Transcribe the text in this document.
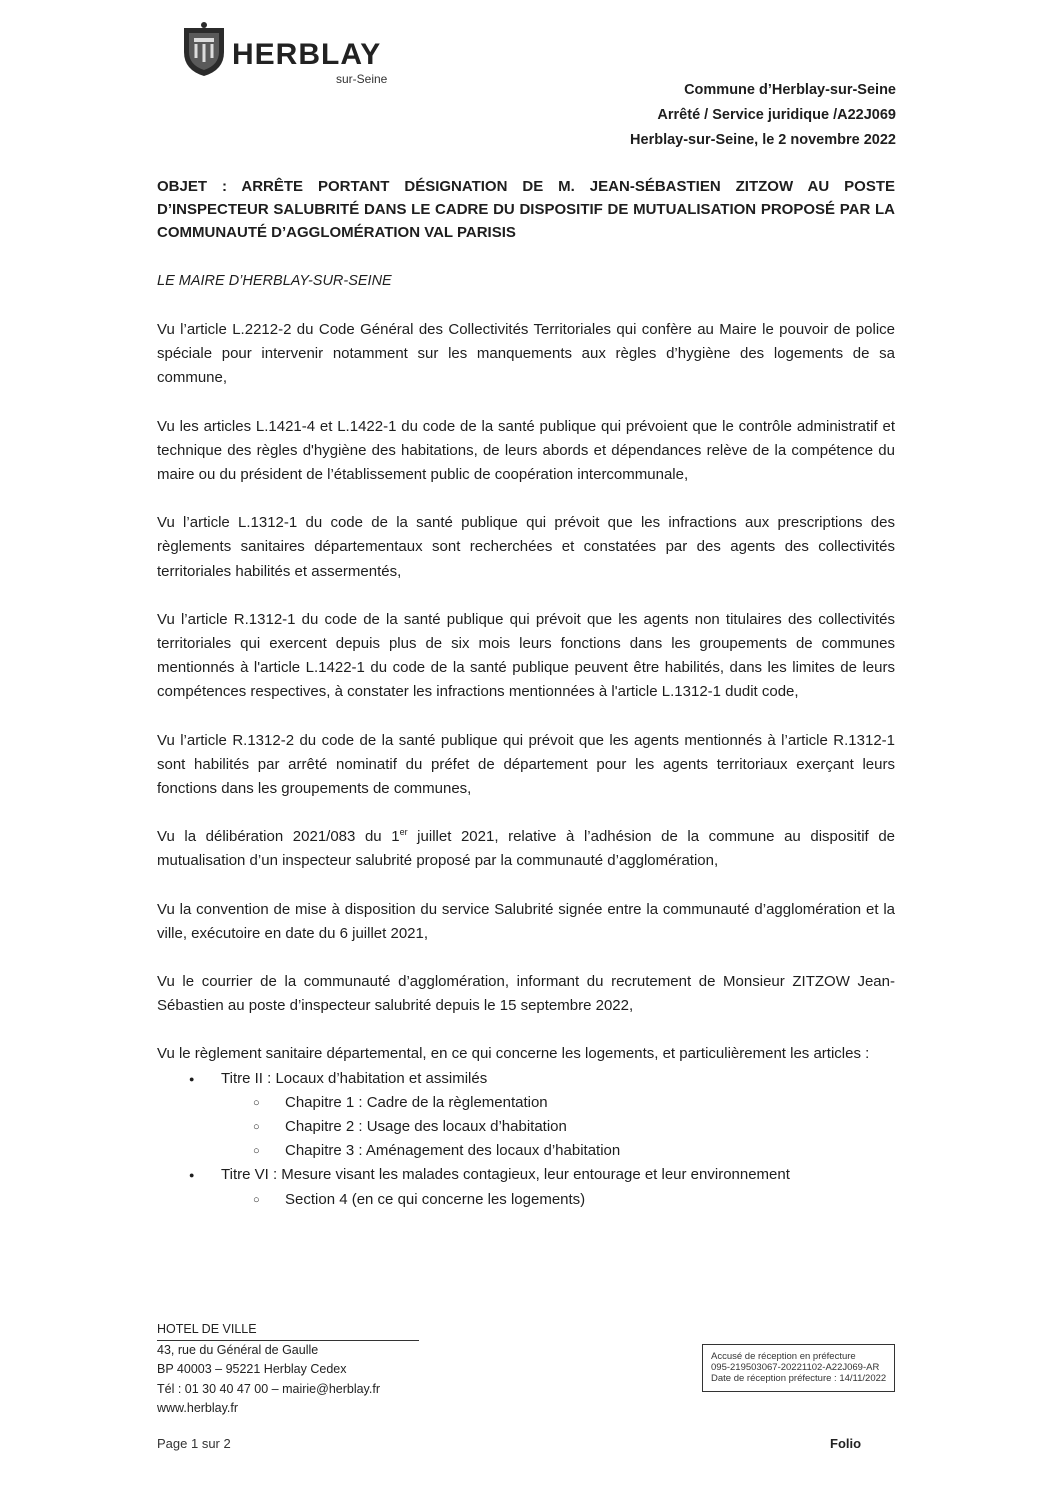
HERBLAY
sur-Seine
Commune d’Herblay-sur-Seine
Arrêté / Service juridique /A22J069
Herblay-sur-Seine, le 2 novembre 2022
OBJET : ARRÊTE PORTANT DÉSIGNATION DE M. JEAN-SÉBASTIEN ZITZOW AU POSTE D’INSPECTEUR SALUBRITÉ DANS LE CADRE DU DISPOSITIF DE MUTUALISATION PROPOSÉ PAR LA COMMUNAUTÉ D’AGGLOMÉRATION VAL PARISIS
LE MAIRE D’HERBLAY-SUR-SEINE

Vu l’article L.2212-2 du Code Général des Collectivités Territoriales qui confère au Maire le pouvoir de police spéciale pour intervenir notamment sur les manquements aux règles d’hygiène des logements de sa commune,

Vu les articles L.1421-4 et L.1422-1 du code de la santé publique qui prévoient que le contrôle administratif et technique des règles d'hygiène des habitations, de leurs abords et dépendances relève de la compétence du maire ou du président de l’établissement public de coopération intercommunale,

Vu l’article L.1312-1 du code de la santé publique qui prévoit que les infractions aux prescriptions des règlements sanitaires départementaux sont recherchées et constatées par des agents des collectivités territoriales habilités et assermentés,

Vu l’article R.1312-1 du code de la santé publique qui prévoit que les agents non titulaires des collectivités territoriales qui exercent depuis plus de six mois leurs fonctions dans les groupements de communes mentionnés à l'article L.1422-1 du code de la santé publique peuvent être habilités, dans les limites de leurs compétences respectives, à constater les infractions mentionnées à l'article L.1312-1 dudit code,

Vu l’article R.1312-2 du code de la santé publique qui prévoit que les agents mentionnés à l’article R.1312-1 sont habilités par arrêté nominatif du préfet de département pour les agents territoriaux exerçant leurs fonctions dans les groupements de communes,

Vu la délibération 2021/083 du 1er juillet 2021, relative à l’adhésion de la commune au dispositif de mutualisation d’un inspecteur salubrité proposé par la communauté d’agglomération,

Vu la convention de mise à disposition du service Salubrité signée entre la communauté d’agglomération et la ville, exécutoire en date du 6 juillet 2021,

Vu le courrier de la communauté d’agglomération, informant du recrutement de Monsieur ZITZOW Jean-Sébastien au poste d’inspecteur salubrité depuis le 15 septembre 2022,

Vu le règlement sanitaire départemental, en ce qui concerne les logements, et particulièrement les articles :

● Titre II : Locaux d’habitation et assimilés
○ Chapitre 1 : Cadre de la règlementation
○ Chapitre 2 : Usage des locaux d’habitation
○ Chapitre 3 : Aménagement des locaux d’habitation
● Titre VI : Mesure visant les malades contagieux, leur entourage et leur environnement
○ Section 4 (en ce qui concerne les logements)
HOTEL DE VILLE
43, rue du Général de Gaulle
BP 40003 – 95221 Herblay Cedex
Tél : 01 30 40 47 00 – mairie@herblay.fr
www.herblay.fr
Accusé de réception en préfecture
095-219503067-20221102-A22J069-AR
Date de réception préfecture : 14/11/2022
Page 1 sur 2	Folio
